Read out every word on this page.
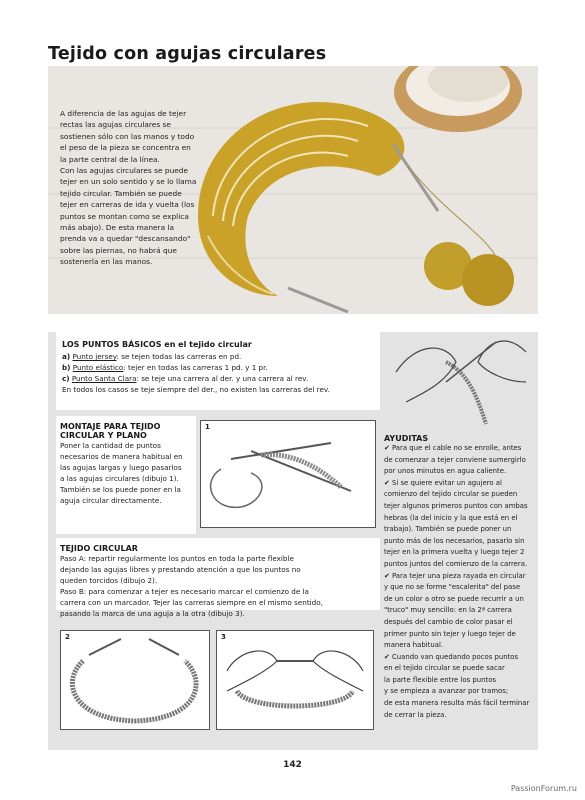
Tejido con agujas circulares
A diferencia de las agujas de tejer
rectas las agujas circulares se
sostienen sólo con las manos y todo
el peso de la pieza se concentra en
la parte central de la línea.
Con las agujas circulares se puede
tejer en un solo sentido y se lo llama
tejido circular. También se puede
tejer en carreras de ida y vuelta (los
puntos se montan como se explica
más abajo). De esta manera la
prenda va a quedar "descansando"
sobre las piernas, no habrá que
sostenerla en las manos.
LOS PUNTOS BÁSICOS en el tejido circular
a) Punto jersey: se tejen todas las carreras en pd.
b) Punto elástico: tejer en todas las carreras 1 pd. y 1 pr.
c) Punto Santa Clara: se teje una carrera al der. y una carrera al rev.
En todos los casos se teje siempre del der., no existen las carreras del rev.
MONTAJE PARA TEJIDO
CIRCULAR Y PLANO
Poner la cantidad de puntos
necesarios de manera habitual en
las agujas largas y luego pasarlos
a las agujas circulares (dibujo 1).
También se los puede poner en la
aguja circular directamente.
1
TEJIDO CIRCULAR
Paso A: repartir regularmente los puntos en toda la parte flexible
dejando las agujas libres y prestando atención a que los puntos no
queden torcidos (dibujo 2).
Paso B: para comenzar a tejer es necesario marcar el comienzo de la
carrera con un marcador. Tejer las carreras siempre en el mismo sentido,
pasando la marca de una aguja a la otra (dibujo 3).
2	3
AYUDITAS
✔ Para que el cable no se enrolle, antes
de comenzar a tejer conviene sumergirlo
por unos minutos en agua caliente.
✔ Si se quiere evitar un agujero al
comienzo del tejido circular se pueden
tejer algunos primeros puntos con ambas
hebras (la del inicio y la que está en el
trabajo). También se puede poner un
punto más de los necesarios, pasarlo sin
tejer en la primera vuelta y luego tejer 2
puntos juntos del comienzo de la carrera.
✔ Para tejer una pieza rayada en circular
y que no se forme "escalerita" del pase
de un color a otro se puede recurrir a un
"truco" muy sencillo: en la 2ª carrera
después del cambio de color pasar el
primer punto sin tejer y luego tejer de
manera habitual.
✔ Cuando van quedando pocos puntos
en el tejido circular se puede sacar
la parte flexible entre los puntos
y se empieza a avanzar por tramos;
de esta manera resulta más fácil terminar
de cerrar la pieza.
142
PassionForum.ru
